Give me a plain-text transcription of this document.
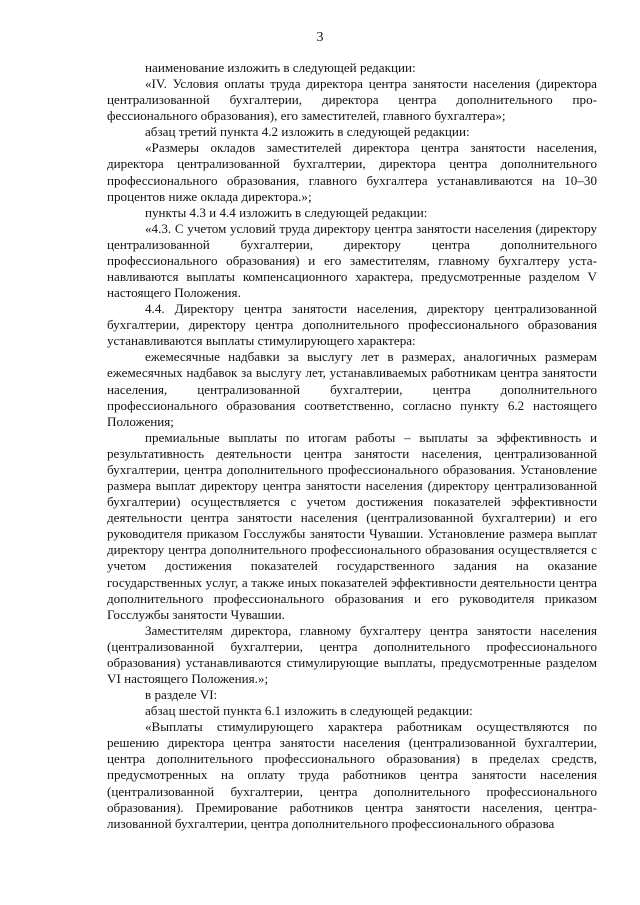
3

наименование изложить в следующей редакции:

«IV. Условия оплаты труда директора центра занятости населения (директора централизованной бухгалтерии, директора центра дополнительного профессионального образования), его заместителей, главного бухгалтера»;

абзац третий пункта 4.2 изложить в следующей редакции:

«Размеры окладов заместителей директора центра занятости населения, директора централизованной бухгалтерии, директора центра дополнительного профессионального образования, главного бухгалтера устанавливаются на 10–30 процентов ниже оклада директора.»;

пункты 4.3 и 4.4 изложить в следующей редакции:

«4.3. С учетом условий труда директору центра занятости населения (директору централизованной бухгалтерии, директору центра дополнительного профессионального образования) и его заместителям, главному бухгалтеру устанавливаются выплаты компенсационного характера, предусмотренные разделом V настоящего Положения.

4.4. Директору центра занятости населения, директору централизованной бухгалтерии, директору центра дополнительного профессионального образования устанавливаются выплаты стимулирующего характера:

ежемесячные надбавки за выслугу лет в размерах, аналогичных размерам ежемесячных надбавок за выслугу лет, устанавливаемых работникам центра занятости населения, централизованной бухгалтерии, центра дополнительного профессионального образования соответственно, согласно пункту 6.2 настоящего Положения;

премиальные выплаты по итогам работы – выплаты за эффективность и результативность деятельности центра занятости населения, централизованной бухгалтерии, центра дополнительного профессионального образования. Установление размера выплат директору центра занятости населения (директору централизованной бухгалтерии) осуществляется с учетом достижения показателей эффективности деятельности центра занятости населения (централизованной бухгалтерии) и его руководителя приказом Госслужбы занятости Чувашии. Установление размера выплат директору центра дополнительного профессионального образования осуществляется с учетом достижения показателей государственного задания на оказание государственных услуг, а также иных показателей эффективности деятельности центра дополнительного профессионального образования и его руководителя приказом Госслужбы занятости Чувашии.

Заместителям директора, главному бухгалтеру центра занятости населения (централизованной бухгалтерии, центра дополнительного профессионального образования) устанавливаются стимулирующие выплаты, предусмотренные разделом VI настоящего Положения.»;

в разделе VI:

абзац шестой пункта 6.1 изложить в следующей редакции:

«Выплаты стимулирующего характера работникам осуществляются по решению директора центра занятости населения (централизованной бухгалтерии, центра дополнительного профессионального образования) в пределах средств, предусмотренных на оплату труда работников центра занятости населения (централизованной бухгалтерии, центра дополнительного профессионального образования). Премирование работников центра занятости населения, централизованной бухгалтерии, центра дополнительного профессионального образова
